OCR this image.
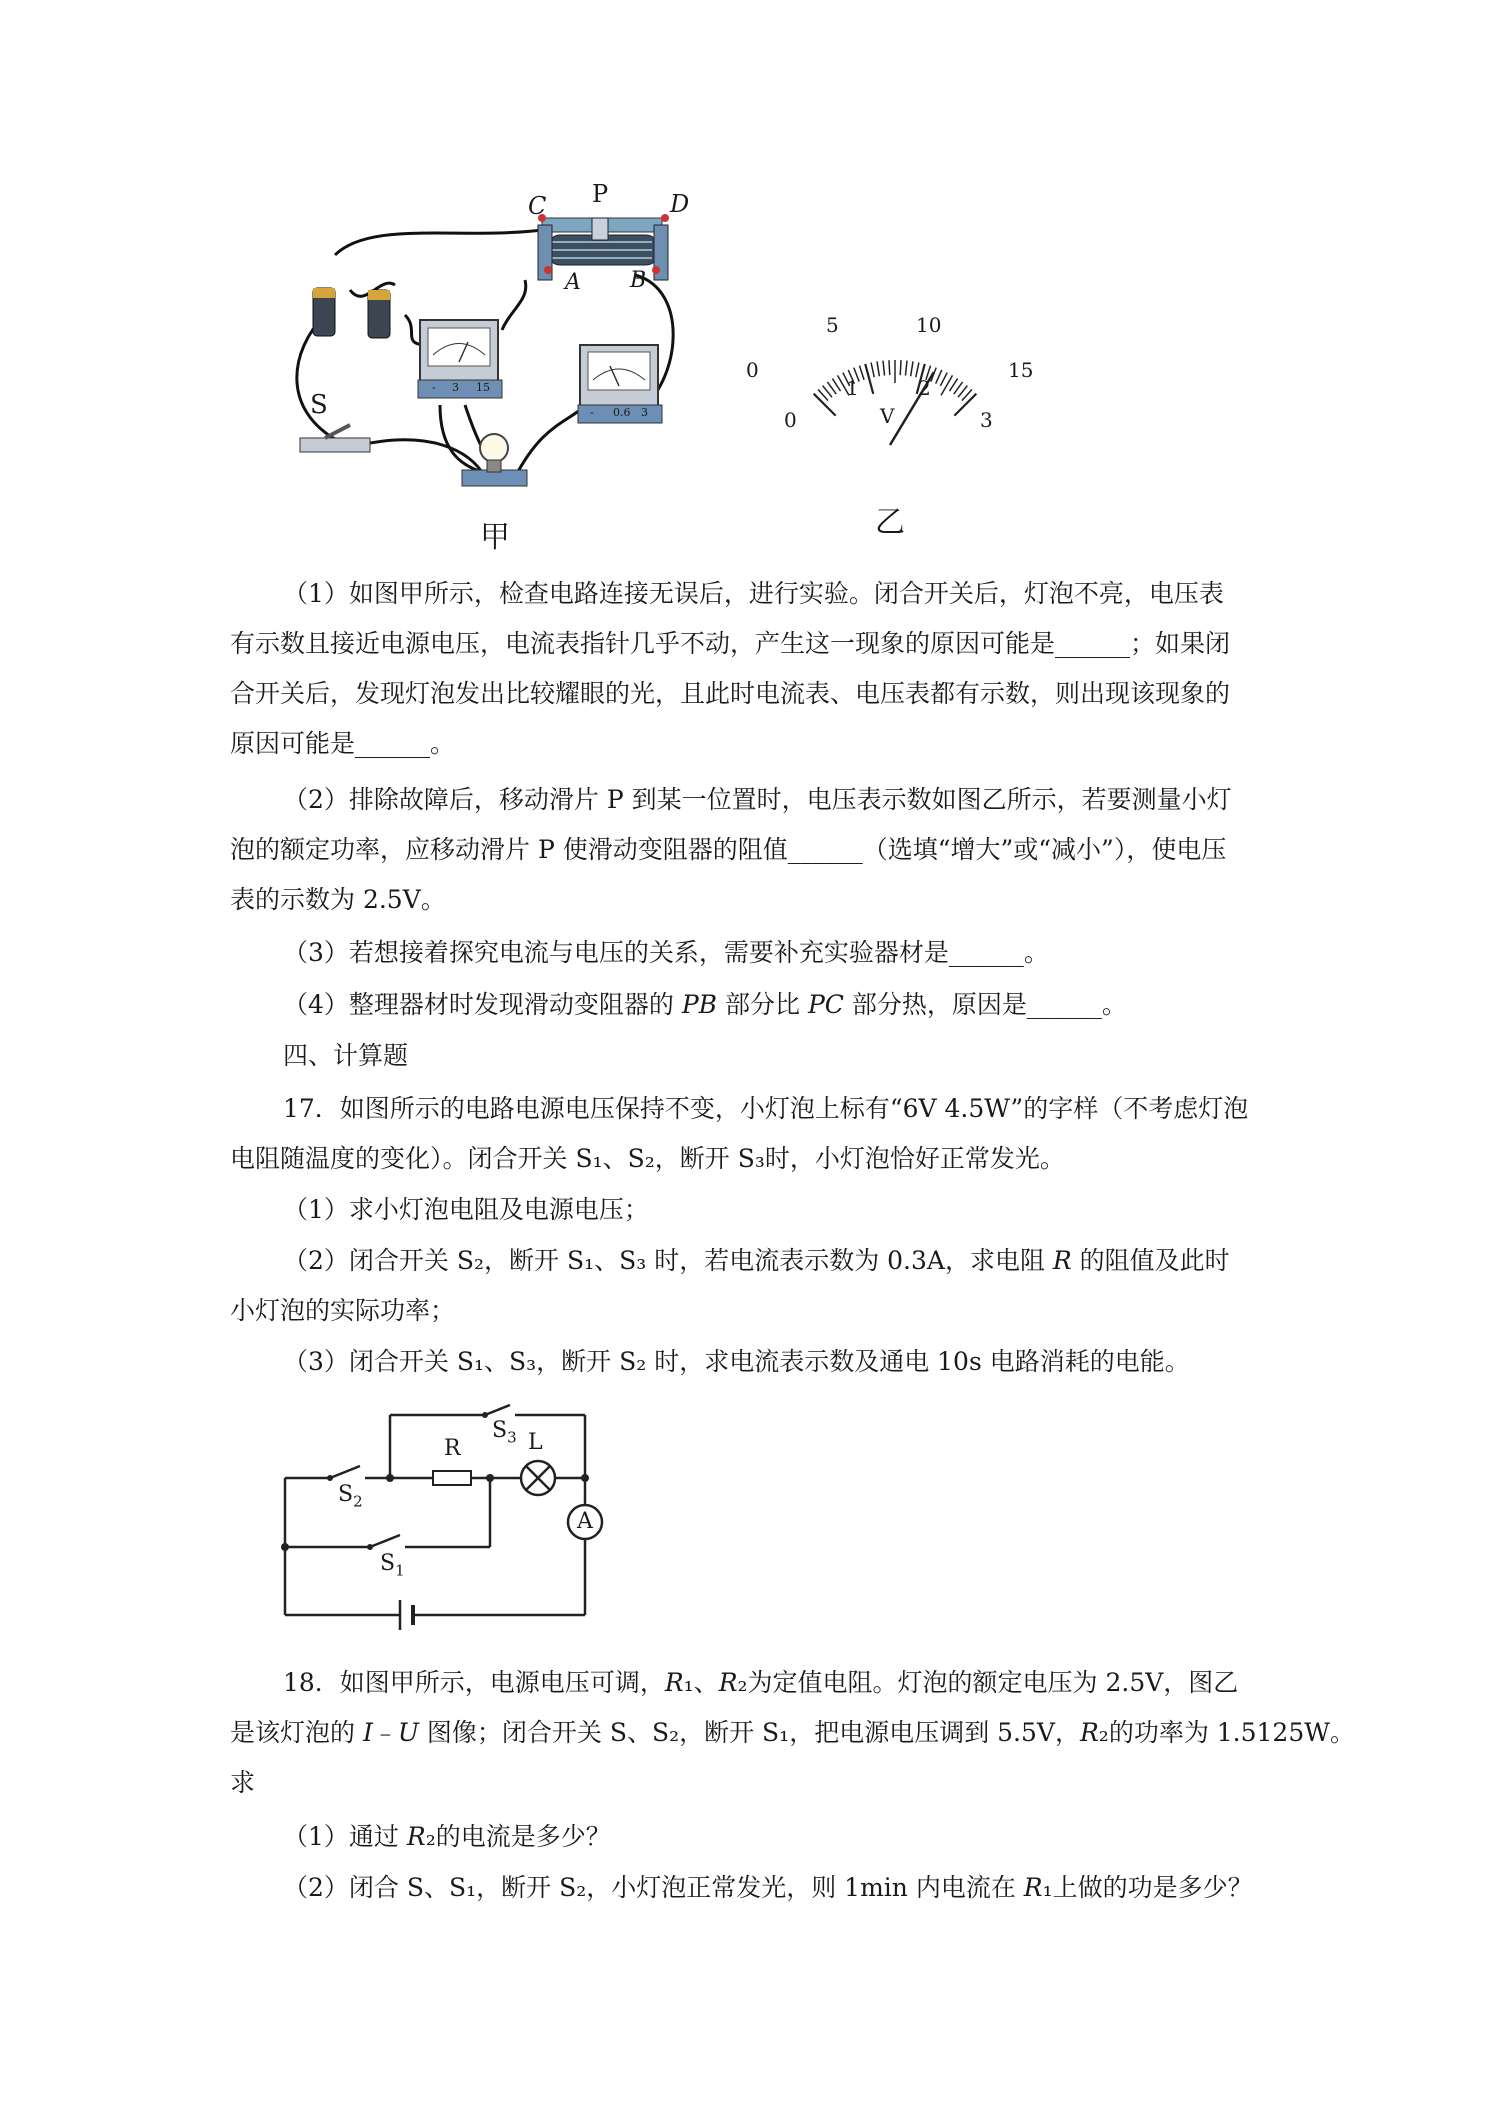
C P	D
A B
S
- 3 15
- 0.6 3
甲
0
5	10
15
0
1	2
3
V
乙
（1）如图甲所示，检查电路连接无误后，进行实验。闭合开关后，灯泡不亮，电压表
有示数且接近电源电压，电流表指针几乎不动，产生这一现象的原因可能是______；如果闭
合开关后，发现灯泡发出比较耀眼的光，且此时电流表、电压表都有示数，则出现该现象的
原因可能是______。
（2）排除故障后，移动滑片 P 到某一位置时，电压表示数如图乙所示，若要测量小灯
泡的额定功率，应移动滑片 P 使滑动变阻器的阻值______（选填“增大”或“减小”），使电压
表的示数为 2.5V。
（3）若想接着探究电流与电压的关系，需要补充实验器材是______。
（4）整理器材时发现滑动变阻器的 PB 部分比 PC 部分热，原因是______。
四、计算题
17．如图所示的电路电源电压保持不变，小灯泡上标有“6V 4.5W”的字样（不考虑灯泡
电阻随温度的变化）。闭合开关 S₁、S₂，断开 S₃时，小灯泡恰好正常发光。
（1）求小灯泡电阻及电源电压；
（2）闭合开关 S₂，断开 S₁、S₃ 时，若电流表示数为 0.3A，求电阻 R 的阻值及此时
小灯泡的实际功率；
（3）闭合开关 S₁、S₃，断开 S₂ 时，求电流表示数及通电 10s 电路消耗的电能。
R	L
A
$S_3$
$S_2$
$S_1$
18．如图甲所示，电源电压可调，R₁、R₂为定值电阻。灯泡的额定电压为 2.5V，图乙
是该灯泡的 I﹣U 图像；闭合开关 S、S₂，断开 S₁，把电源电压调到 5.5V，R₂的功率为 1.5125W。
求
（1）通过 R₂的电流是多少？
（2）闭合 S、S₁，断开 S₂，小灯泡正常发光，则 1min 内电流在 R₁上做的功是多少？
